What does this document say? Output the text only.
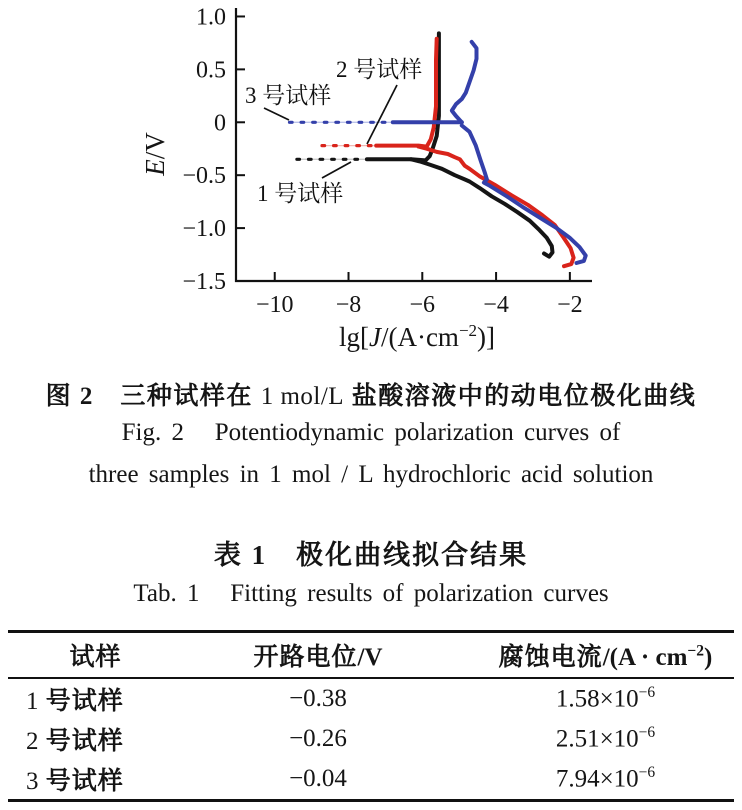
1.0
0.5
0
−0.5
−1.0
−1.5
−10 −8 −6 −4 −2
E/V
$\lg[J/(A\cdot cm^{-2})]$
3 号试样
2 号试样
1 号试样
图 2　三种试样在 1 mol/L 盐酸溶液中的动电位极化曲线
Fig. 2   Potentiodynamic polarization curves of
three samples in 1 mol / L hydrochloric acid solution
表 1　极化曲线拟合结果
Tab. 1   Fitting results of polarization curves
试样	开路电位/V	腐蚀电流$/(A \cdot cm^{-2})$
1 号试样	−0.38	$1.58\times 10^{-6}$
2 号试样	−0.26	$2.51\times 10^{-6}$
3 号试样	−0.04	$7.94\times 10^{-6}$
